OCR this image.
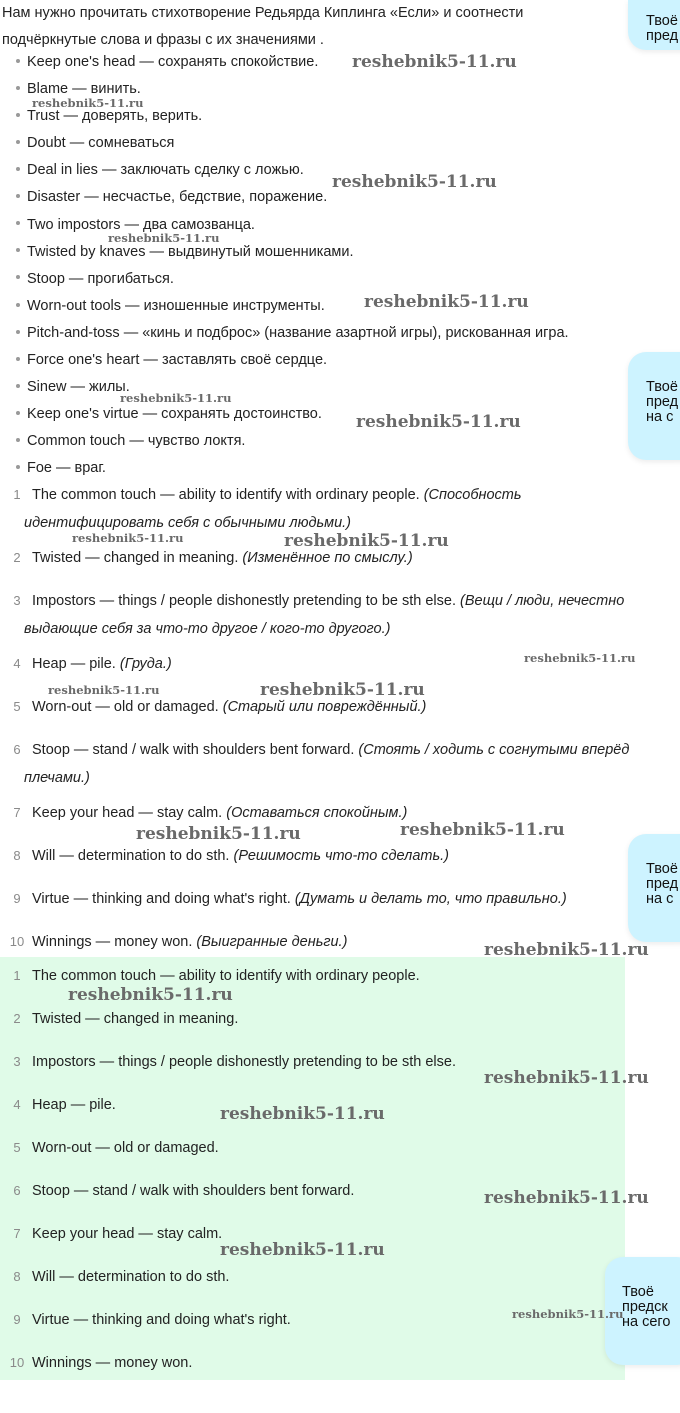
Нам нужно прочитать стихотворение Редьярда Киплинга «Если» и соотнести подчёркнутые слова и фразы с их значениями .
Keep one's head — сохранять спокойствие.
Blame — винить.
Trust — доверять, верить.
Doubt — сомневаться
Deal in lies — заключать сделку с ложью.
Disaster — несчастье, бедствие, поражение.
Two impostors — два самозванца.
Twisted by knaves — выдвинутый мошенниками.
Stoop — прогибаться.
Worn-out tools — изношенные инструменты.
Pitch-and-toss — «кинь и подброс» (название азартной игры), рискованная игра.
Force one's heart — заставлять своё сердце.
Sinew — жилы.
Keep one's virtue — сохранять достоинство.
Common touch — чувство локтя.
Foe — враг.
1 The common touch — ability to identify with ordinary people. (Способность идентифицировать себя с обычными людьми.)
2 Twisted — changed in meaning. (Изменённое по смыслу.)
3 Impostors — things / people dishonestly pretending to be sth else. (Вещи / люди, нечестно выдающие себя за что-то другое / кого-то другого.)
4 Heap — pile. (Груда.)
5 Worn-out — old or damaged. (Старый или повреждённый.)
6 Stoop — stand / walk with shoulders bent forward. (Стоять / ходить с согнутыми вперёд плечами.)
7 Keep your head — stay calm. (Оставаться спокойным.)
8 Will — determination to do sth. (Решимость что-то сделать.)
9 Virtue — thinking and doing what's right. (Думать и делать то, что правильно.)
10 Winnings — money won. (Выигранные деньги.)
1 The common touch — ability to identify with ordinary people.
2 Twisted — changed in meaning.
3 Impostors — things / people dishonestly pretending to be sth else.
4 Heap — pile.
5 Worn-out — old or damaged.
6 Stoop — stand / walk with shoulders bent forward.
7 Keep your head — stay calm.
8 Will — determination to do sth.
9 Virtue — thinking and doing what's right.
10 Winnings — money won.
Твоё
пред
Твоё
пред
на с
Твоё
пред
на с
Твоё
предск
на сего
reshebnik5-11.ru
reshebnik5-11.ru
reshebnik5-11.ru
reshebnik5-11.ru
reshebnik5-11.ru
reshebnik5-11.ru
reshebnik5-11.ru
reshebnik5-11.ru	reshebnik5-11.ru
reshebnik5-11.ru
reshebnik5-11.ru	reshebnik5-11.ru
reshebnik5-11.ru	reshebnik5-11.ru
reshebnik5-11.ru
reshebnik5-11.ru
reshebnik5-11.ru
reshebnik5-11.ru
reshebnik5-11.ru
reshebnik5-11.ru
reshebnik5-11.ru
